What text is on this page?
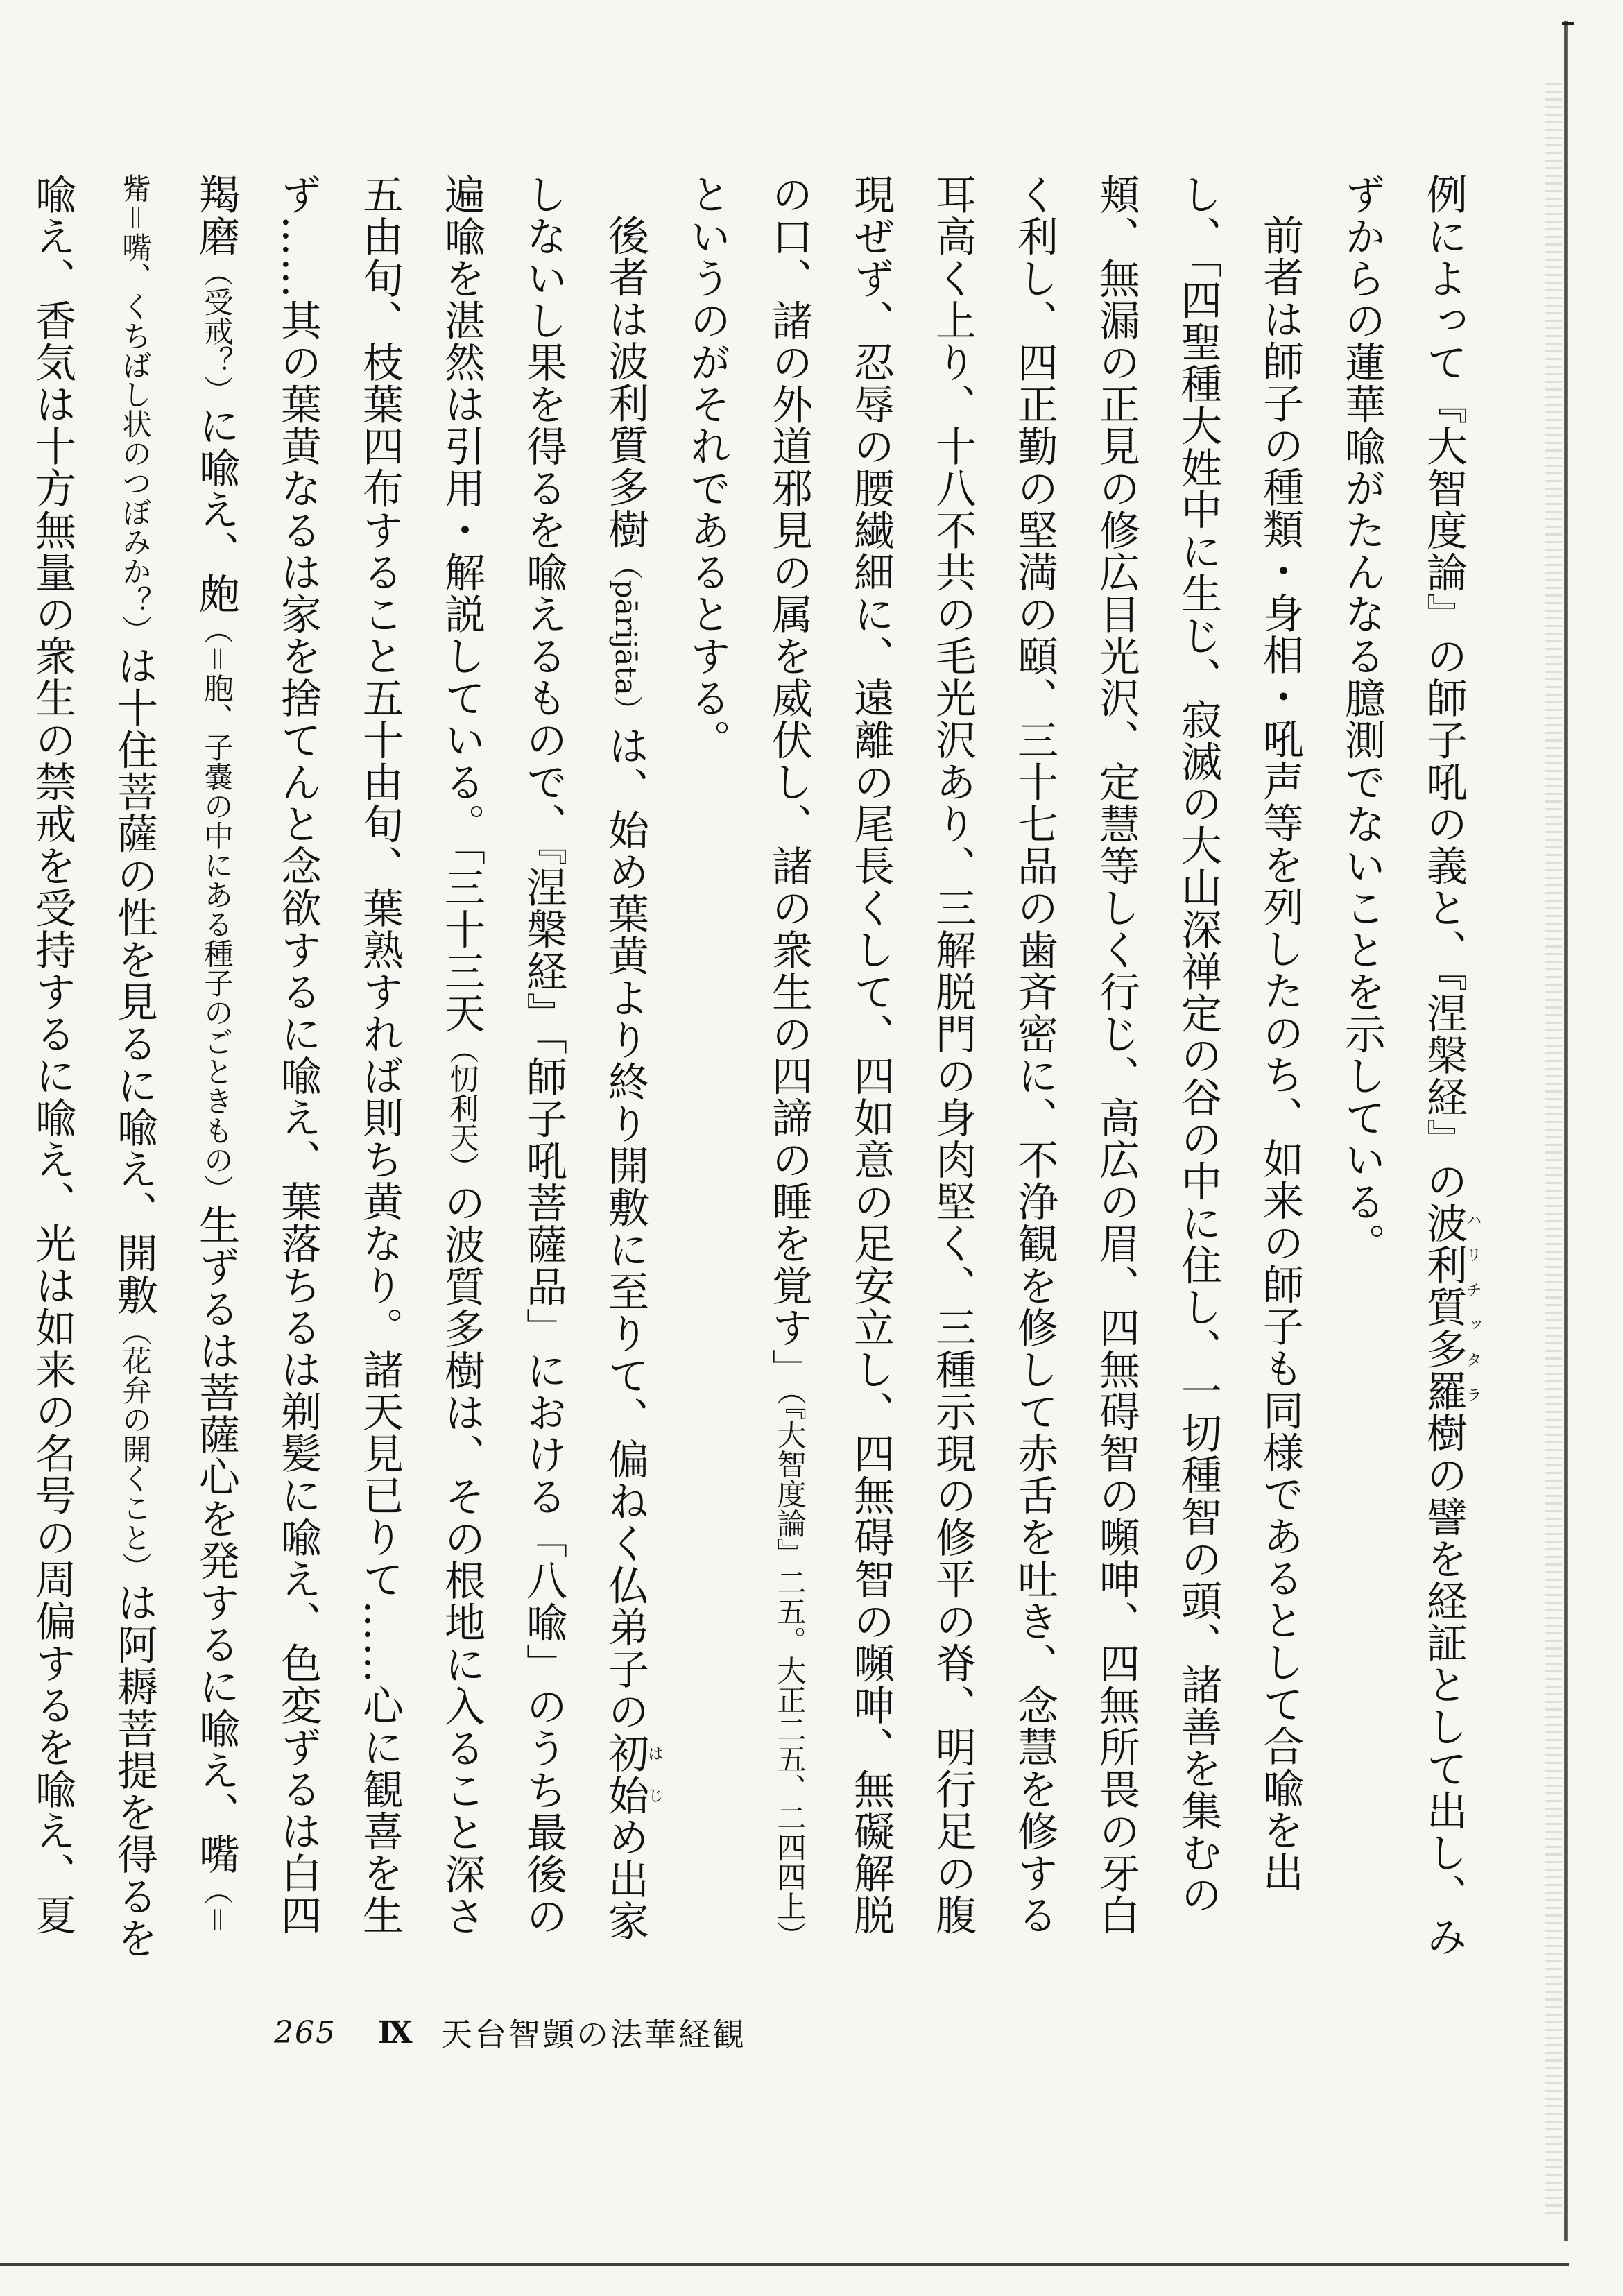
例によって『大智度論』の師子吼の義と、『涅槃経』の波利質多羅ハリチッタラ樹の譬を経証として出し、みずからの蓮華喩がたんなる臆測でないことを示している。

前者は師子の種類・身相・吼声等を列したのち、如来の師子も同様であるとして合喩を出し、「四聖種大姓中に生じ、寂滅の大山深禅定の谷の中に住し、一切種智の頭、諸善を集むの頬、無漏の正見の修広目光沢、定慧等しく行じ、高広の眉、四無碍智の嚬呻、四無所畏の牙白く利し、四正勤の堅満の頤、三十七品の歯斉密に、不浄観を修して赤舌を吐き、念慧を修する耳高く上り、十八不共の毛光沢あり、三解脱門の身肉堅く、三種示現の修平の脊、明行足の腹現ぜず、忍辱の腰繊細に、遠離の尾長くして、四如意の足安立し、四無碍智の嚬呻、無礙解脱の口、諸の外道邪見の属を威伏し、諸の衆生の四諦の睡を覚す」（『大智度論』二五。大正二五、二四四上）というのがそれであるとする。

後者は波利質多樹（pārijāta）は、始め葉黄より終り開敷に至りて、偏ねく仏弟子の初は始じめ出家しないし果を得るを喩えるもので、『涅槃経』「師子吼菩薩品」における「八喩」のうち最後の遍喩を湛然は引用・解説している。「三十三天（忉利天）の波質多樹は、その根地に入ること深さ五由旬、枝葉四布すること五十由旬、葉熟すれば則ち黄なり。諸天見已りて……心に観喜を生ず……其の葉黄なるは家を捨てんと念欲するに喩え、葉落ちるは剃髪に喩え、色変ずるは白四羯磨（受戒？）に喩え、皰（＝胞、子嚢の中にある種子のごときもの）生ずるは菩薩心を発するに喩え、嘴（＝觜＝嘴、くちばし状のつぼみか？）は十住菩薩の性を見るに喩え、開敷（花弁の開くこと）は阿耨菩提を得るを喩え、香気は十方無量の衆生の禁戒を受持するに喩え、光は如来の名号の周偏するを喩え、夏

265	Ⅸ 天台智顗の法華経観
